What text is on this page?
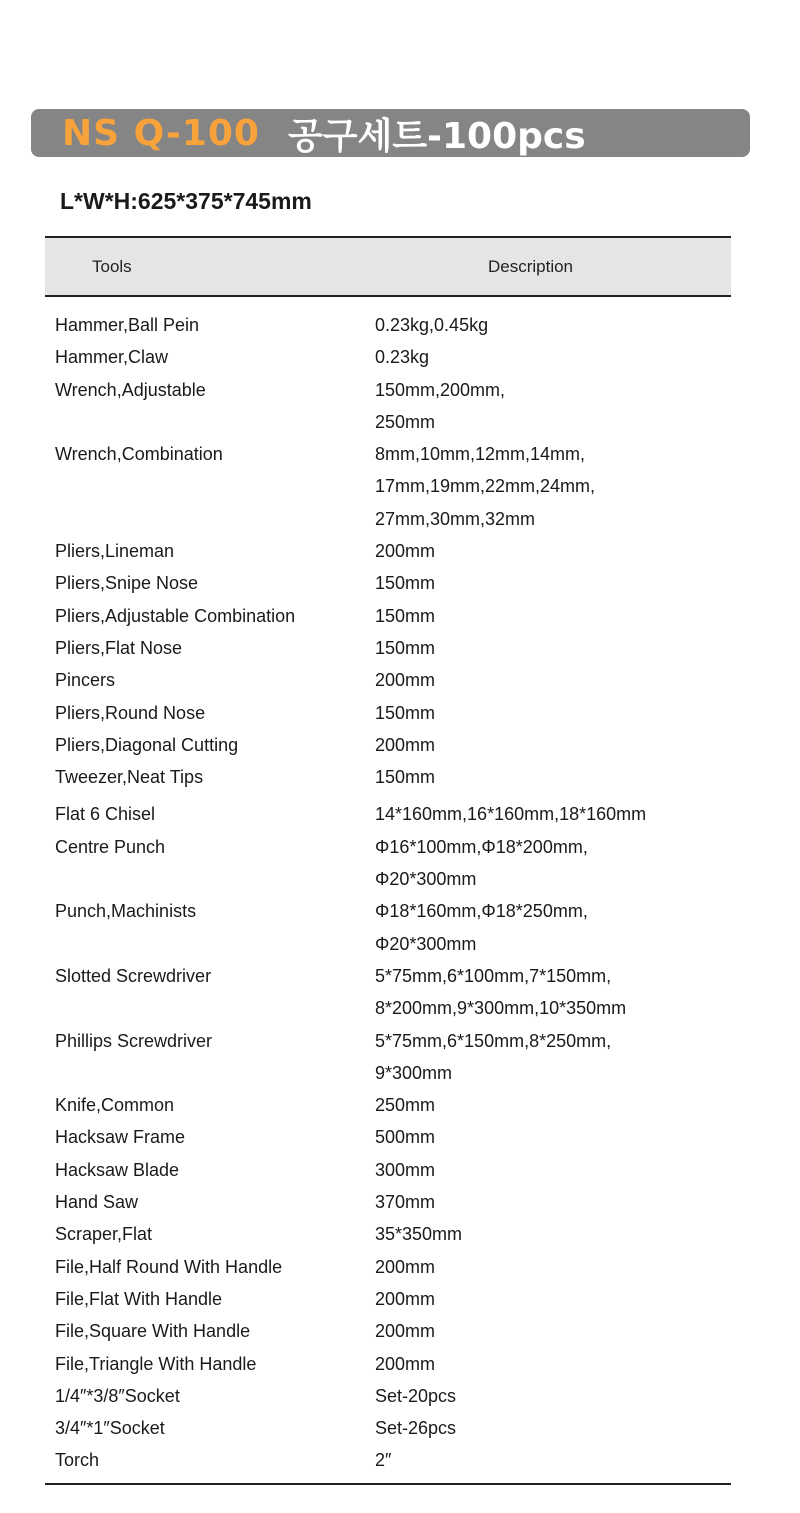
NS Q-100 공구세트-100pcs
L*W*H:625*375*745mm
Tools	Description
Hammer,Ball Pein	0.23kg,0.45kg
Hammer,Claw	0.23kg
Wrench,Adjustable	150mm,200mm,
250mm
Wrench,Combination	8mm,10mm,12mm,14mm,
17mm,19mm,22mm,24mm,
27mm,30mm,32mm
Pliers,Lineman	200mm
Pliers,Snipe Nose	150mm
Pliers,Adjustable Combination	150mm
Pliers,Flat Nose	150mm
Pincers	200mm
Pliers,Round Nose	150mm
Pliers,Diagonal Cutting	200mm
Tweezer,Neat Tips	150mm
Flat 6 Chisel	14*160mm,16*160mm,18*160mm
Centre Punch	Φ16*100mm,Φ18*200mm,
Φ20*300mm
Punch,Machinists	Φ18*160mm,Φ18*250mm,
Φ20*300mm
Slotted Screwdriver	5*75mm,6*100mm,7*150mm,
8*200mm,9*300mm,10*350mm
Phillips Screwdriver	5*75mm,6*150mm,8*250mm,
9*300mm
Knife,Common	250mm
Hacksaw Frame	500mm
Hacksaw Blade	300mm
Hand Saw	370mm
Scraper,Flat	35*350mm
File,Half Round With Handle	200mm
File,Flat With Handle	200mm
File,Square With Handle	200mm
File,Triangle With Handle	200mm
1/4″*3/8″Socket	Set-20pcs
3/4″*1″Socket	Set-26pcs
Torch	2″
